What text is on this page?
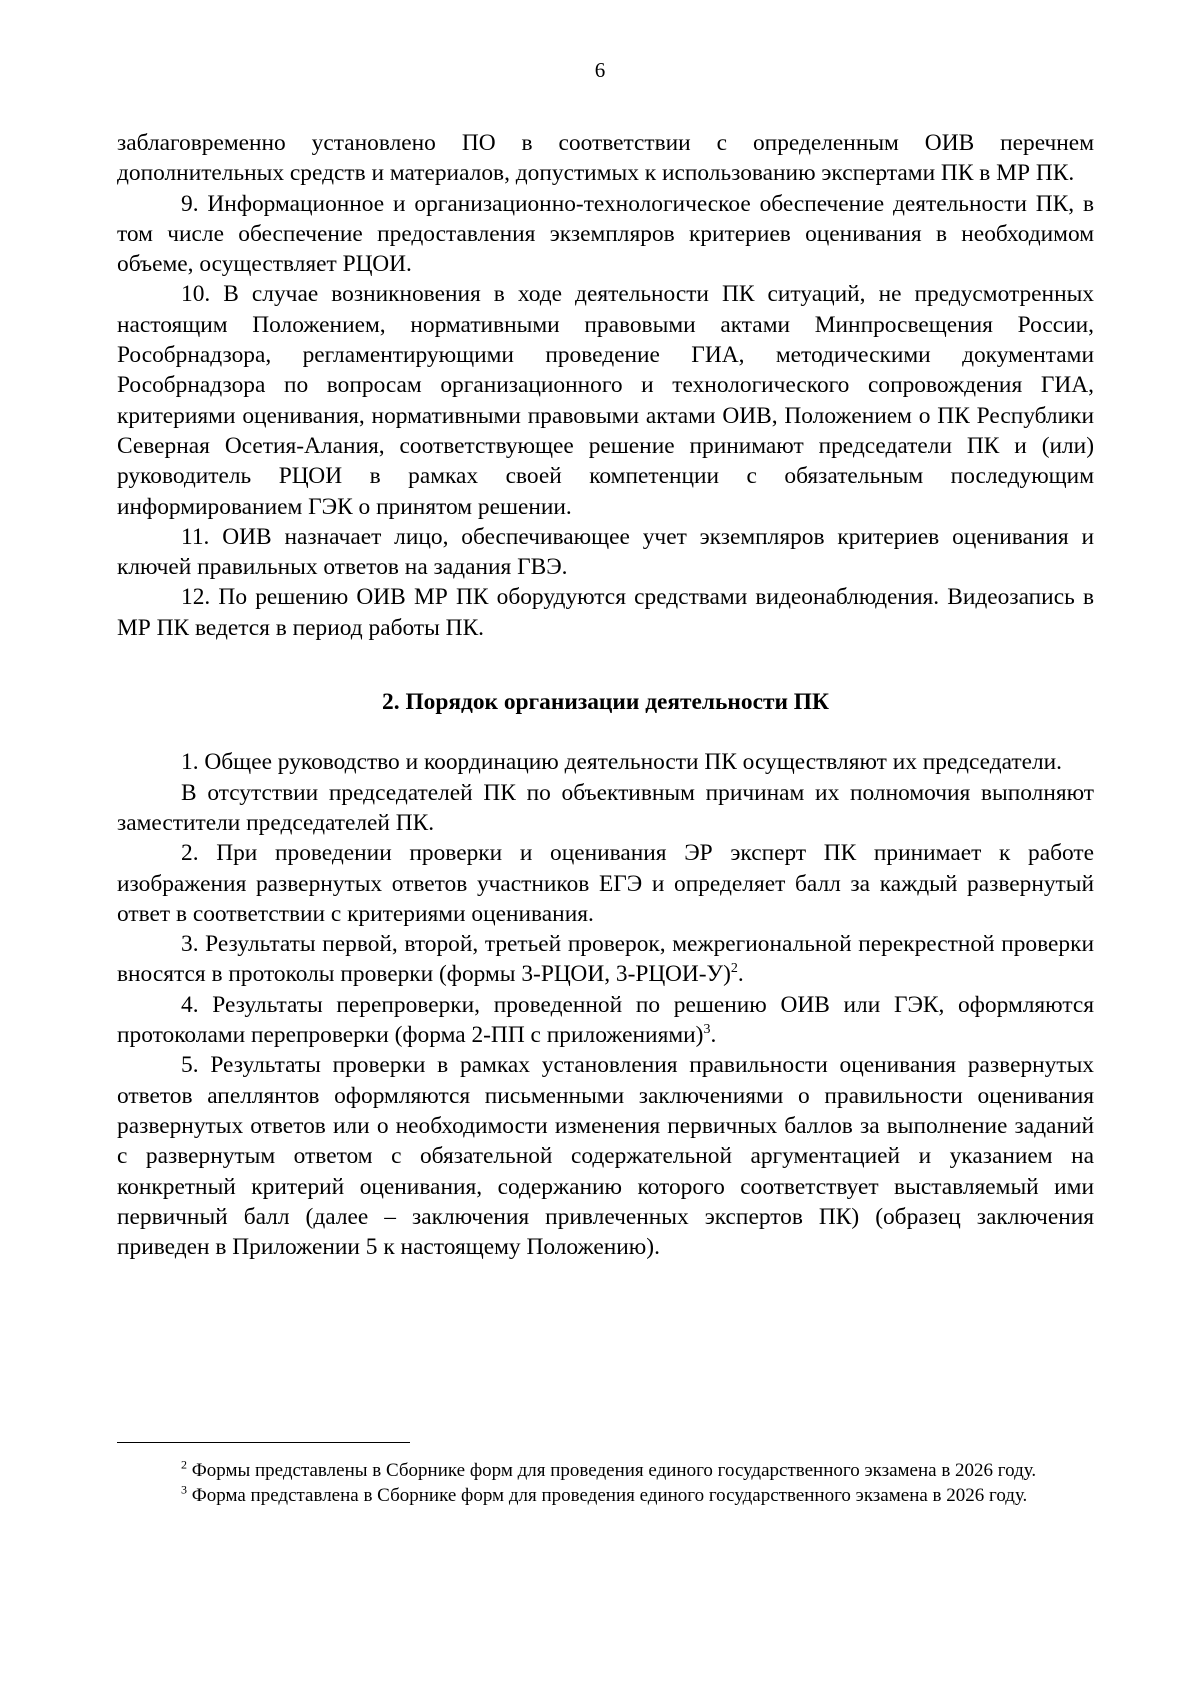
6

заблаговременно установлено ПО в соответствии с определенным ОИВ перечнем дополнительных средств и материалов, допустимых к использованию экспертами ПК в МР ПК.

9. Информационное и организационно-технологическое обеспечение деятельности ПК, в том числе обеспечение предоставления экземпляров критериев оценивания в необходимом объеме, осуществляет РЦОИ.

10. В случае возникновения в ходе деятельности ПК ситуаций, не предусмотренных настоящим Положением, нормативными правовыми актами Минпросвещения России, Рособрнадзора, регламентирующими проведение ГИА, методическими документами Рособрнадзора по вопросам организационного и технологического сопровождения ГИА, критериями оценивания, нормативными правовыми актами ОИВ, Положением о ПК Республики Северная Осетия-Алания, соответствующее решение принимают председатели ПК и (или) руководитель РЦОИ в рамках своей компетенции с обязательным последующим информированием ГЭК о принятом решении.

11. ОИВ назначает лицо, обеспечивающее учет экземпляров критериев оценивания и ключей правильных ответов на задания ГВЭ.

12. По решению ОИВ МР ПК оборудуются средствами видеонаблюдения. Видеозапись в МР ПК ведется в период работы ПК.

2. Порядок организации деятельности ПК

1. Общее руководство и координацию деятельности ПК осуществляют их председатели.

В отсутствии председателей ПК по объективным причинам их полномочия выполняют заместители председателей ПК.

2. При проведении проверки и оценивания ЭР эксперт ПК принимает к работе изображения развернутых ответов участников ЕГЭ и определяет балл за каждый развернутый ответ в соответствии с критериями оценивания.

3. Результаты первой, второй, третьей проверок, межрегиональной перекрестной проверки вносятся в протоколы проверки (формы 3-РЦОИ, 3-РЦОИ-У)$^2$.

4. Результаты перепроверки, проведенной по решению ОИВ или ГЭК, оформляются протоколами перепроверки (форма 2-ПП с приложениями)$^3$.

5. Результаты проверки в рамках установления правильности оценивания развернутых ответов апеллянтов оформляются письменными заключениями о правильности оценивания развернутых ответов или о необходимости изменения первичных баллов за выполнение заданий с развернутым ответом с обязательной содержательной аргументацией и указанием на конкретный критерий оценивания, содержанию которого соответствует выставляемый ими первичный балл (далее – заключения привлеченных экспертов ПК) (образец заключения приведен в Приложении 5 к настоящему Положению).

$^2$ Формы представлены в Сборнике форм для проведения единого государственного экзамена в 2026 году.

$^3$ Форма представлена в Сборнике форм для проведения единого государственного экзамена в 2026 году.
